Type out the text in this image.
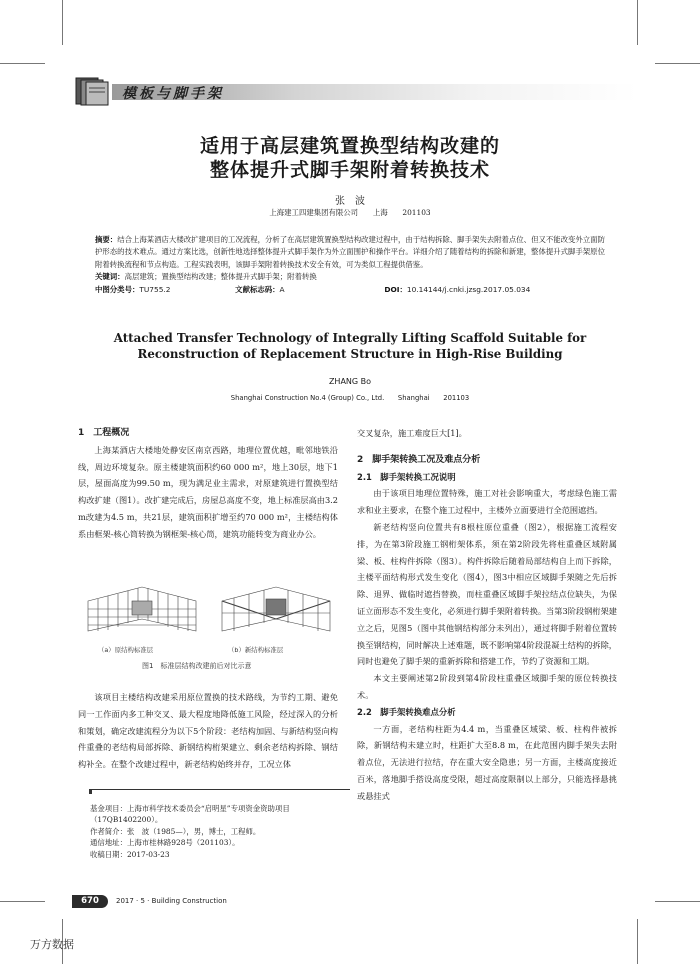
模板与脚手架
适用于高层建筑置换型结构改建的
整体提升式脚手架附着转换技术
张　波
上海建工四建集团有限公司　　上海　　201103
摘要：结合上海某酒店大楼改扩建项目的工况流程，分析了在高层建筑置换型结构改建过程中，由于结构拆除、脚手架失去附着点位、但又不能改变外立面防护形态的技术难点。通过方案比选，创新性地选择整体提升式脚手架作为外立面围护和操作平台。详细介绍了随着结构的拆除和新建，整体提升式脚手架原位附着转换流程和节点构造。工程实践表明，该脚手架附着转换技术安全有效，可为类似工程提供借鉴。
关键词：高层建筑；置换型结构改建；整体提升式脚手架；附着转换
中图分类号：TU755.2	文献标志码：A	DOI：10.14144/j.cnki.jzsg.2017.05.034
Attached Transfer Technology of Integrally Lifting Scaffold Suitable for
Reconstruction of Replacement Structure in High-Rise Building
ZHANG Bo
Shanghai Construction No.4 (Group) Co., Ltd.　　Shanghai　　201103

1　工程概况

上海某酒店大楼地处静安区南京西路，地理位置优越，毗邻地铁沿线，周边环境复杂。原主楼建筑面积约60 000 m²，地上30层，地下1层，屋面高度为99.50 m，现为满足业主需求，对原建筑进行置换型结构改扩建（图1）。改扩建完成后，房屋总高度不变，地上标准层高由3.2 m改建为4.5 m，共21层，建筑面积扩增至约70 000 m²，主楼结构体系由框架-核心筒转换为钢框架-核心筒，建筑功能转变为商业办公。

（a）原结构标准层	（b）新结构标准层
图1　标准层结构改建前后对比示意

该项目主楼结构改建采用原位置换的技术路线，为节约工期、避免同一工作面内多工种交叉、最大程度地降低施工风险，经过深入的分析和策划，确定改建流程分为以下5个阶段：老结构加固、与新结构竖向构件重叠的老结构局部拆除、新钢结构桁架建立、剩余老结构拆除、钢结构补全。在整个改建过程中，新老结构始终并存，工况立体

基金项目：上海市科学技术委员会“启明星”专项资金资助项目（17QB1402200）。
作者简介：张　波（1985—），男，博士，工程师。
通信地址：上海市桂林路928号（201103）。
收稿日期：2017-03-23

交叉复杂，施工难度巨大[1]。

2　脚手架转换工况及难点分析

2.1　脚手架转换工况说明

由于该项目地理位置特殊，施工对社会影响重大，考虑绿色施工需求和业主要求，在整个施工过程中，主楼外立面要进行全范围遮挡。

新老结构竖向位置共有8根柱原位重叠（图2），根据施工流程安排，为在第3阶段施工钢桁架体系，须在第2阶段先将柱重叠区域附属梁、板、柱构件拆除（图3）。构件拆除后随着局部结构自上而下拆除，主楼平面结构形式发生变化（图4），图3中相应区域脚手架随之先后拆除、退界、做临时遮挡替换，而柱重叠区域脚手架拉结点位缺失，为保证立面形态不发生变化，必须进行脚手架附着转换。当第3阶段钢桁架建立之后，见图5（图中其他钢结构部分未列出），通过将脚手附着位置转换至钢结构，同时解决上述难题，既不影响第4阶段混凝土结构的拆除，同时也避免了脚手架的重新拆除和搭建工作，节约了资源和工期。

本文主要阐述第2阶段到第4阶段柱重叠区域脚手架的原位转换技术。

2.2　脚手架转换难点分析

一方面，老结构柱距为4.4 m，当重叠区域梁、板、柱构件被拆除，新钢结构未建立时，柱距扩大至8.8 m，在此范围内脚手架失去附着点位，无法进行拉结，存在重大安全隐患；另一方面，主楼高度接近百米，落地脚手搭设高度受限，超过高度限制以上部分，只能选择悬挑或悬挂式

670	2017 · 5 · Building Construction
万方数据
